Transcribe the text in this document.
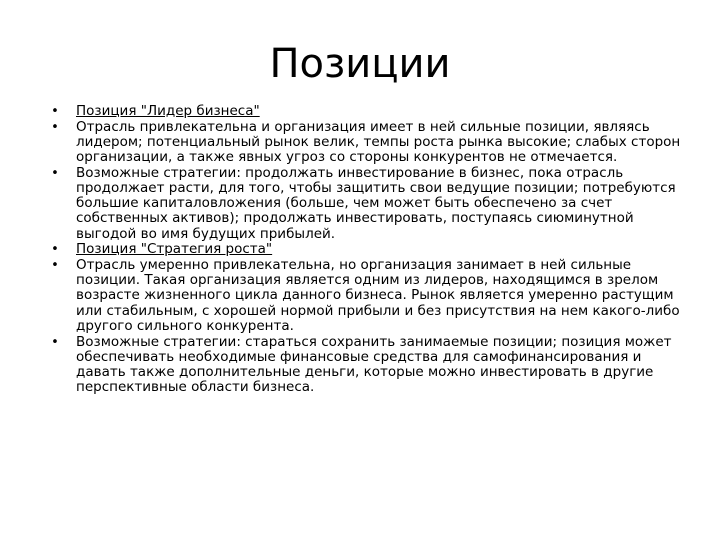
Позиции
• Позиция "Лидер бизнеса"
• Отрасль привлекательна и организация имеет в ней сильные позиции, являясь лидером; потенциальный рынок велик, темпы роста рынка высокие; слабых сторон организации, а также явных угроз со стороны конкурентов не отмечается.
• Возможные стратегии: продолжать инвестирование в бизнес, пока отрасль продолжает расти, для того, чтобы защитить свои ведущие позиции; потребуются большие капиталовложения (больше, чем может быть обеспечено за счет собственных активов); продолжать инвестировать, поступаясь сиюминутной выгодой во имя будущих прибылей.
• Позиция "Стратегия роста"
• Отрасль умеренно привлекательна, но организация занимает в ней сильные позиции. Такая организация является одним из лидеров, находящимся в зрелом возрасте жизненного цикла данного бизнеса. Рынок является умеренно растущим или стабильным, с хорошей нормой прибыли и без присутствия на нем какого-либо другого сильного конкурента.
• Возможные стратегии: стараться сохранить занимаемые позиции; позиция может обеспечивать необходимые финансовые средства для самофинансирования и давать также дополнительные деньги, которые можно инвестировать в другие перспективные области бизнеса.
